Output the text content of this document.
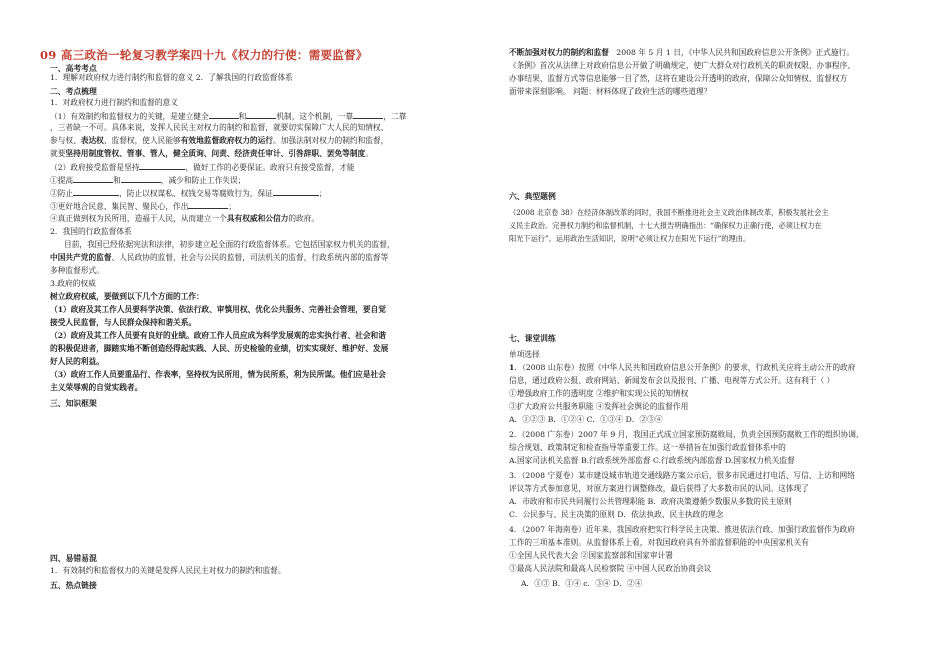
09 高三政治一轮复习教学案四十九《权力的行使：需要监督》
一、高考考点
1．理解对政府权力进行制约和监督的意义 2．了解我国的行政监督体系
二、考点梳理
1．对政府权力进行制约和监督的意义
（1）有效制约和监督权力的关键，是建立健全	和	机制，这个机制，一靠	，二靠
，三者缺一不可。具体来说，发挥人民民主对权力的制约和监督，就要切实保障广大人民的知情权、
参与权、表达权、监督权，使人民能够有效地监督政府权力的运行。加强法制对权力的制约和监督，
就要坚持用制度管权、管事、管人，健全质询、问责、经济责任审计、引咎辞职、罢免等制度。
（2）政府接受监督是坚持	，做好工作的必要保证。政府只有接受监督，才能
①提高	和	，减少和防止工作失误；
②防止	，防止以权谋私、权钱交易等腐败行为，保证	；
③更好地合民意、集民智、聚民心，作出	；
④真正做到权为民所用，造福于人民，从而建立一个具有权威和公信力的政府。
2．我国的行政监督体系
目前，我国已经依据宪法和法律，初步建立起全面的行政监督体系。它包括国家权力机关的监督，
中国共产党的监督、人民政协的监督，社会与公民的监督，司法机关的监督，行政系统内部的监督等
多种监督形式。
3.政府的权威
树立政府权威，要做到以下几个方面的工作：
（1）政府及其工作人员要科学决策、依法行政、审慎用权、优化公共服务、完善社会管理，要自觉
接受人民监督，与人民群众保持和谐关系。
（2）政府及其工作人员要有良好的业绩。政府工作人员应成为科学发展观的忠实执行者、社会和谐
的积极促进者，脚踏实地不断创造经得起实践、人民、历史检验的业绩，切实实现好、维护好、发展
好人民的利益。
（3）政府工作人员要重品行、作表率，坚持权为民所用，情为民所系，利为民所谋。他们应是社会
主义荣辱观的自觉实践者。
三、知识框架
四、易错易混
1．有效制约和监督权力的关键是发挥人民民主对权力的制约和监督。
五、热点链接
不断加强对权力的制约和监督 2008 年 5 月 1 日，《中华人民共和国政府信息公开条例》正式施行。
《条例》首次从法律上对政府信息公开做了明确规定，使广大群众对行政机关的职责权限、办事程序、
办事结果、监督方式等信息能够一目了然，这将在建设公开透明的政府，保障公众知情权、监督权方
面带来深刻影响。 问题：材料体现了政府生活的哪些道理？
六、典型题例
（2008 北京卷 38）在经济体制改革的同时，我国不断推进社会主义政治体制改革，积极发展社会主
义民主政治。完善权力制约和监督机制，十七大报告明确指出：“确保权力正确行使，必须让权力在
阳光下运行”。运用政治生活知识，说明“必须让权力在阳光下运行”的理由。
七、课堂训练
单项选择
1．（2008 山东卷）按照《中华人民共和国政府信息公开条例》的要求，行政机关应将主动公开的政府
信息，通过政府公报、政府网站、新闻发布会以及报刊、广播、电视等方式公开。这有利于（ ）
①增强政府工作的透明度 ②维护和实现公民的知情权
③扩大政府公共服务职能 ④发挥社会舆论的监督作用
A．①②③ B．①②④ C．①③④ D．②③④
2．（2008 广东卷）2007 年 9 月，我国正式成立国家预防腐败局，负责全国预防腐败工作的组织协调、
综合规划、政策制定和检查指导等重要工作。这一举措旨在加强行政监督体系中的
A.国家司法机关监督 B.行政系统外部监督 C.行政系统内部监督 D.国家权力机关监督
3．（2008 宁夏卷）某市建设城市轨道交通线路方案公示后，很多市民通过打电话、写信、上访和网络
评议等方式参加意见，对原方案进行调整修改，最后获得了大多数市民的认同。这体现了
A．市政府和市民共同履行公共管理职能 B．政府决策遵循少数服从多数的民主原则
C．公民参与、民主决策的原则 D．依法执政、民主执政的理念
4．（2007 年海南卷）近年来，我国政府把实行科学民主决策、推进依法行政、加强行政监督作为政府
工作的三项基本准则。从监督体系上看，对我国政府具有外部监督职能的中央国家机关有
①全国人民代表大会 ②国家监察部和国家审计署
③最高人民法院和最高人民检察院 ④中国人民政治协商会议
A．①③ B．①④ c．③④ D．②④
